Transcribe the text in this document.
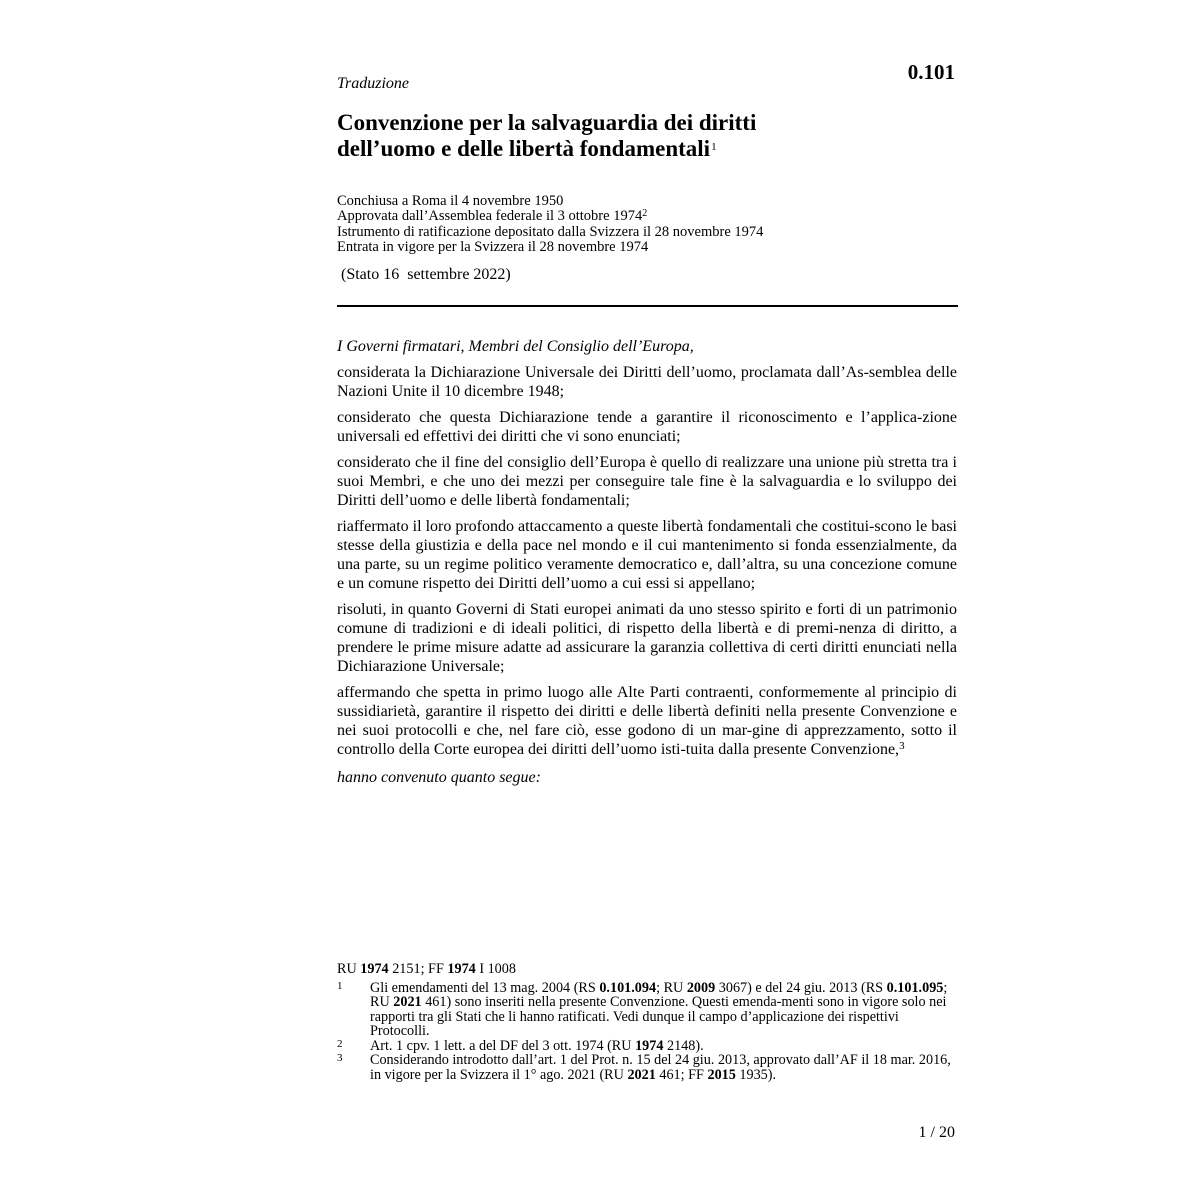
Traduzione	0.101
Convenzione per la salvaguardia dei diritti
dell’uomo e delle libertà fondamentali$^1$
Conchiusa a Roma il 4 novembre 1950
Approvata dall’Assemblea federale il 3 ottobre 1974$^2$
Istrumento di ratificazione depositato dalla Svizzera il 28 novembre 1974
Entrata in vigore per la Svizzera il 28 novembre 1974
(Stato 16  settembre 2022)

I Governi firmatari, Membri del Consiglio dell’Europa,

considerata la Dichiarazione Universale dei Diritti dell’uomo, proclamata dall’As-semblea delle Nazioni Unite il 10 dicembre 1948;

considerato che questa Dichiarazione tende a garantire il riconoscimento e l’applica-zione universali ed effettivi dei diritti che vi sono enunciati;

considerato che il fine del consiglio dell’Europa è quello di realizzare una unione più stretta tra i suoi Membri, e che uno dei mezzi per conseguire tale fine è la salvaguardia e lo sviluppo dei Diritti dell’uomo e delle libertà fondamentali;

riaffermato il loro profondo attaccamento a queste libertà fondamentali che costitui-scono le basi stesse della giustizia e della pace nel mondo e il cui mantenimento si fonda essenzialmente, da una parte, su un regime politico veramente democratico e, dall’altra, su una concezione comune e un comune rispetto dei Diritti dell’uomo a cui essi si appellano;

risoluti, in quanto Governi di Stati europei animati da uno stesso spirito e forti di un patrimonio comune di tradizioni e di ideali politici, di rispetto della libertà e di premi-nenza di diritto, a prendere le prime misure adatte ad assicurare la garanzia collettiva di certi diritti enunciati nella Dichiarazione Universale;

affermando che spetta in primo luogo alle Alte Parti contraenti, conformemente al principio di sussidiarietà, garantire il rispetto dei diritti e delle libertà definiti nella presente Convenzione e nei suoi protocolli e che, nel fare ciò, esse godono di un mar-gine di apprezzamento, sotto il controllo della Corte europea dei diritti dell’uomo isti-tuita dalla presente Convenzione,$^3$

hanno convenuto quanto segue:

RU 1974 2151; FF 1974 I 1008
1	Gli emendamenti del 13 mag. 2004 (RS 0.101.094; RU 2009 3067) e del 24 giu. 2013 (RS 0.101.095; RU 2021 461) sono inseriti nella presente Convenzione. Questi emenda-menti sono in vigore solo nei rapporti tra gli Stati che li hanno ratificati. Vedi dunque il campo d’applicazione dei rispettivi Protocolli.
2	Art. 1 cpv. 1 lett. a del DF del 3 ott. 1974 (RU 1974 2148).
3	Considerando introdotto dall’art. 1 del Prot. n. 15 del 24 giu. 2013, approvato dall’AF il 18 mar. 2016, in vigore per la Svizzera il 1° ago. 2021 (RU 2021 461; FF 2015 1935).
1 / 20
